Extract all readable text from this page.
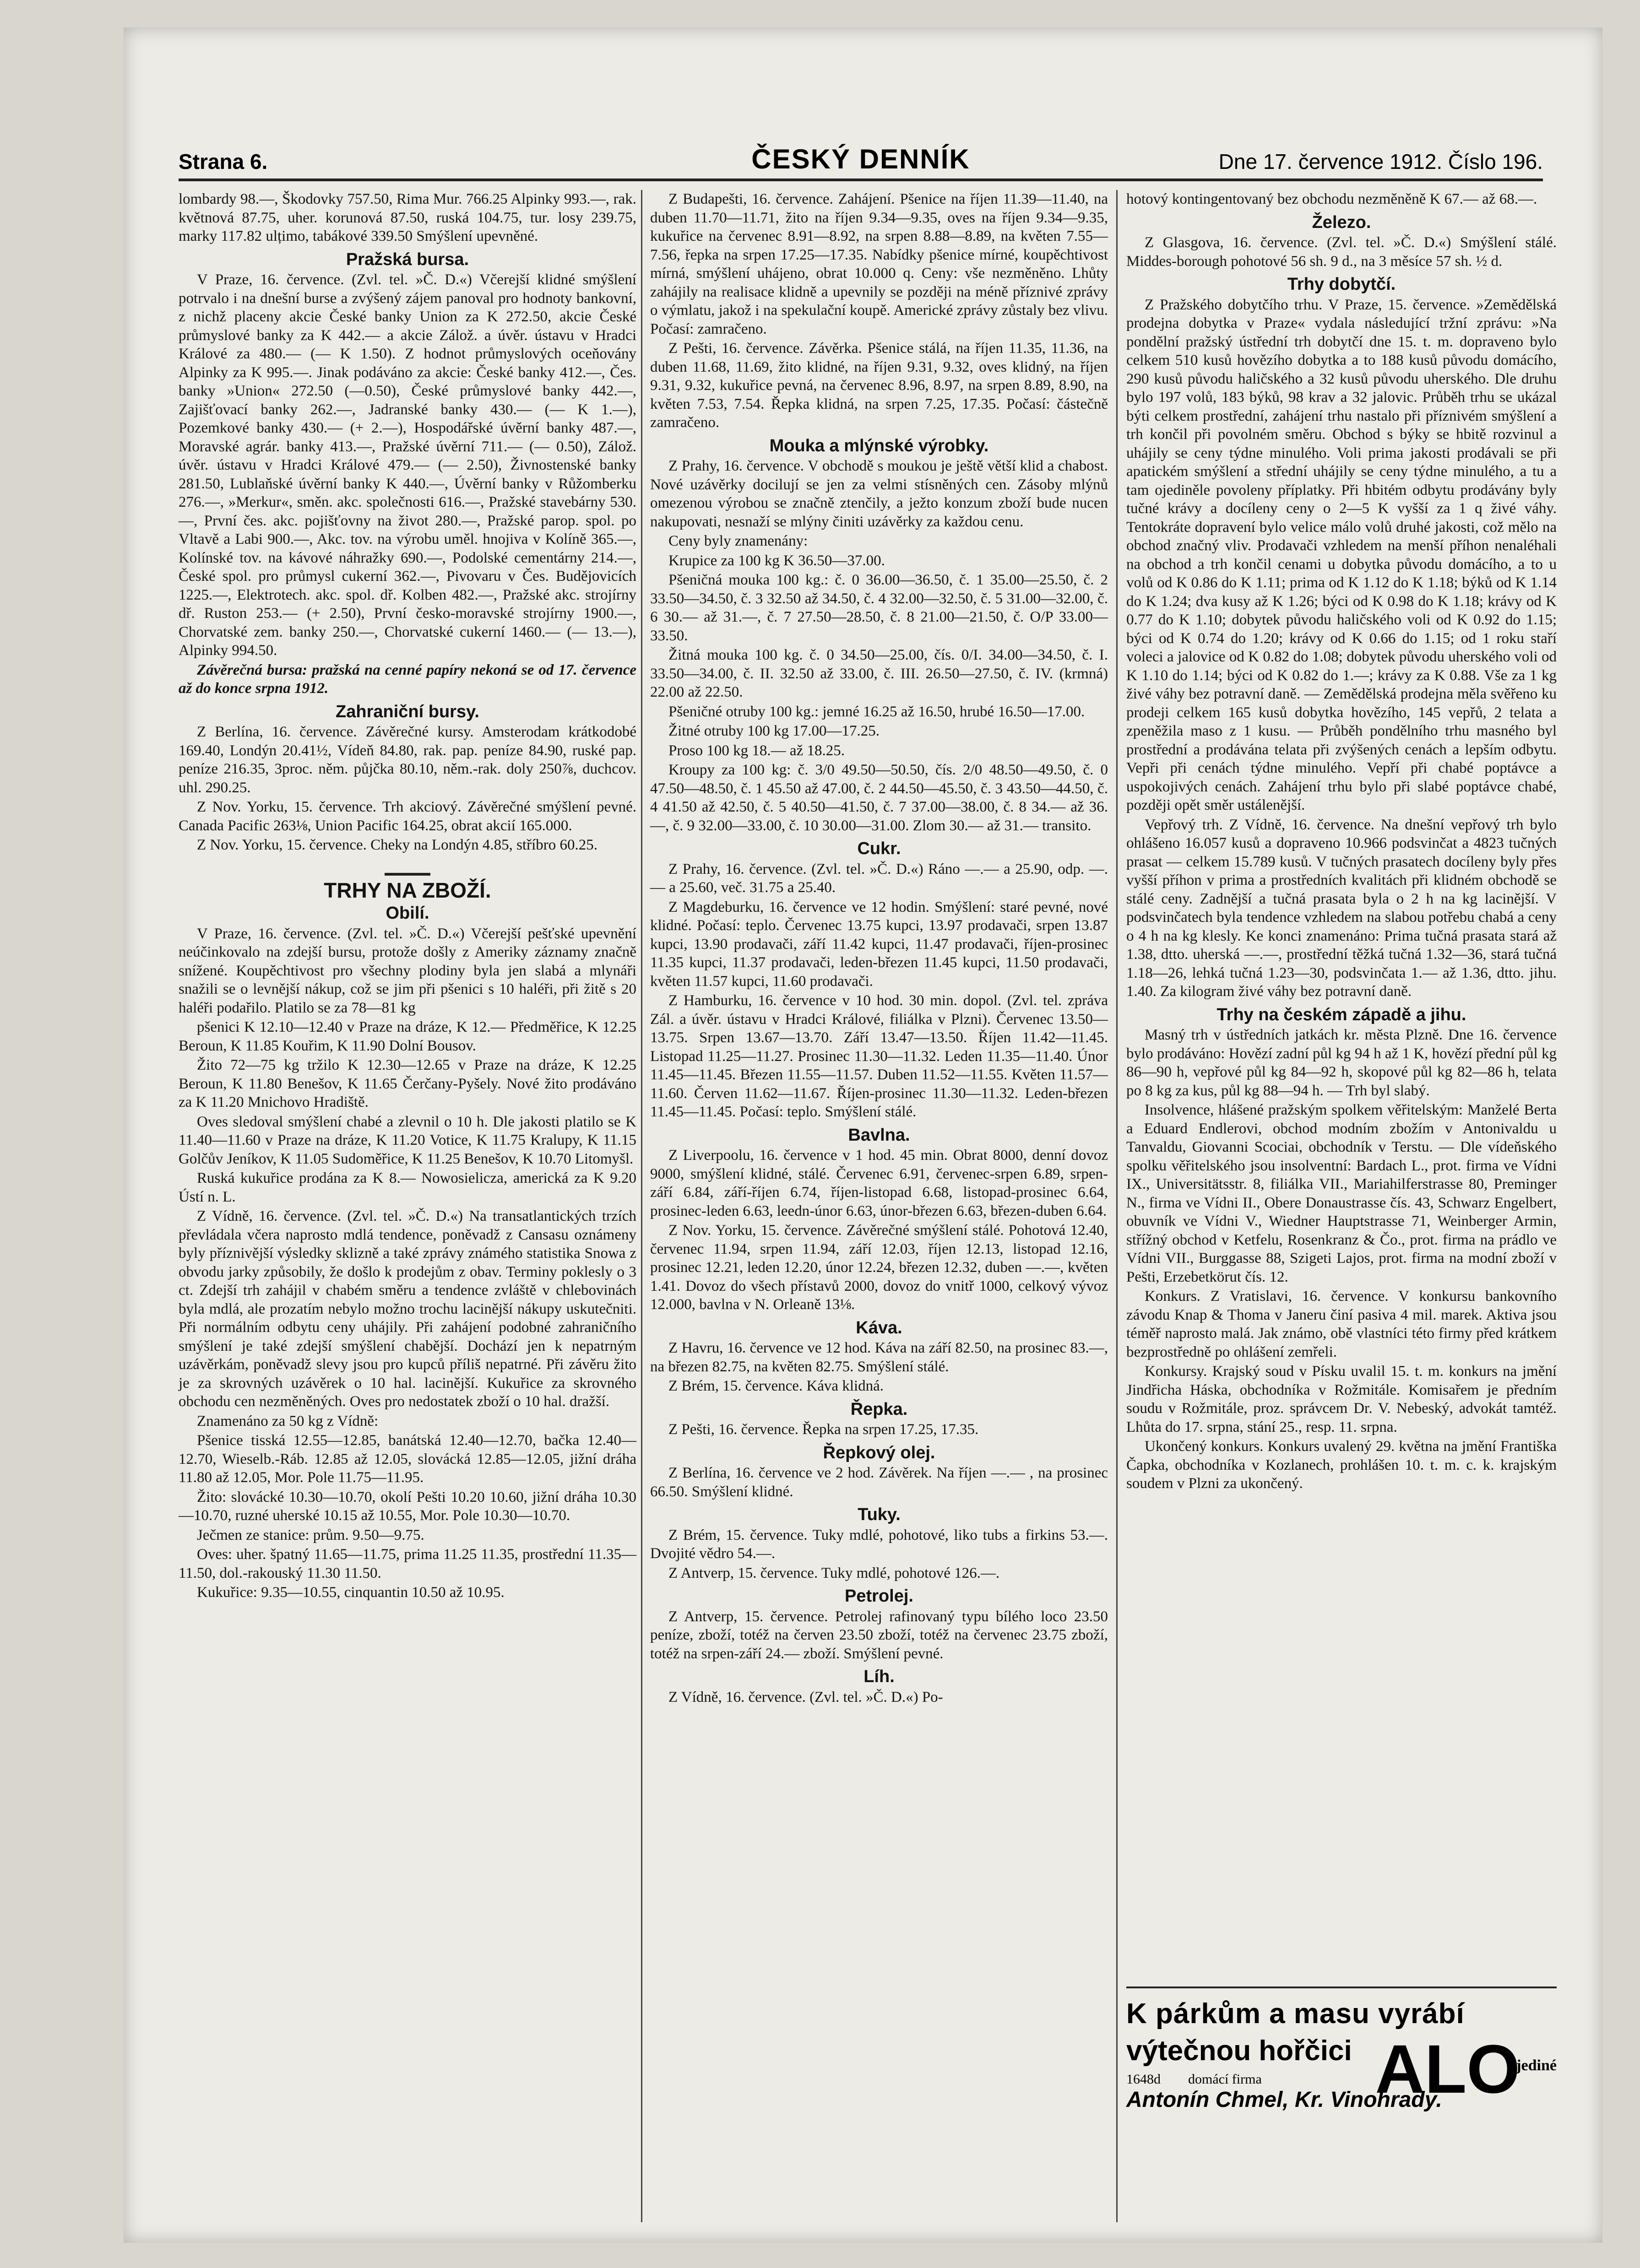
Strana 6.	ČESKÝ DENNÍK	Dne 17. července 1912. Číslo 196.

lombardy 98.—, Škodovky 757.50, Rima Mur. 766.25 Alpinky 993.—, rak. květnová 87.75, uher. korunová 87.50, ruská 104.75, tur. losy 239.75, marky 117.82 ulțimo, tabákové 339.50 Smýšlení upevněné.

Pražská bursa.

V Praze, 16. července. (Zvl. tel. »Č. D.«) Včerejší klidné smýšlení potrvalo i na dnešní burse a zvýšený zájem panoval pro hodnoty bankovní, z nichž placeny akcie České banky Union za K 272.50, akcie České průmyslové banky za K 442.— a akcie Zálož. a úvěr. ústavu v Hradci Králové za 480.— (— K 1.50). Z hodnot průmyslových oceňovány Alpinky za K 995.—. Jinak podáváno za akcie: České banky 412.—, Čes. banky »Union« 272.50 (—0.50), České průmyslové banky 442.—, Zajišťovací banky 262.—, Jadranské banky 430.— (— K 1.—), Pozemkové banky 430.— (+ 2.—), Hospodářské úvěrní banky 487.—, Moravské agrár. banky 413.—, Pražské úvěrní 711.— (— 0.50), Zálož. úvěr. ústavu v Hradci Králové 479.— (— 2.50), Živnostenské banky 281.50, Lublaňské úvěrní banky K 440.—, Úvěrní banky v Růžomberku 276.—, »Merkur«, směn. akc. společnosti 616.—, Pražské stavebárny 530.—, První čes. akc. pojišťovny na život 280.—, Pražské parop. spol. po Vltavě a Labi 900.—, Akc. tov. na výrobu uměl. hnojiva v Kolíně 365.—, Kolínské tov. na kávové náhražky 690.—, Podolské cementárny 214.—, České spol. pro průmysl cukerní 362.—, Pivovaru v Čes. Budějovicích 1225.—, Elektrotech. akc. spol. dř. Kolben 482.—, Pražské akc. strojírny dř. Ruston 253.— (+ 2.50), První česko-moravské strojírny 1900.—, Chorvatské zem. banky 250.—, Chorvatské cukerní 1460.— (— 13.—), Alpinky 994.50.

Závěrečná bursa: pražská na cenné papíry nekoná se od 17. července až do konce srpna 1912.

Zahraniční bursy.

Z Berlína, 16. července. Závěrečné kursy. Amsterodam krátkodobé 169.40, Londýn 20.41½, Vídeň 84.80, rak. pap. peníze 84.90, ruské pap. peníze 216.35, 3proc. něm. půjčka 80.10, něm.-rak. doly 250⅞, duchcov. uhl. 290.25.

Z Nov. Yorku, 15. července. Trh akciový. Závěrečné smýšlení pevné. Canada Pacific 263⅛, Union Pacific 164.25, obrat akcií 165.000.

Z Nov. Yorku, 15. července. Cheky na Londýn 4.85, stříbro 60.25.

TRHY NA ZBOŽÍ.
Obilí.

V Praze, 16. července. (Zvl. tel. »Č. D.«) Včerejší pešťské upevnění neúčinkovalo na zdejší bursu, protože došly z Ameriky záznamy značně snížené. Koupěchtivost pro všechny plodiny byla jen slabá a mlynáři snažili se o levnější nákup, což se jim při pšenici s 10 haléři, při žitě s 20 haléři podařilo. Platilo se za 78—81 kg

pšenici K 12.10—12.40 v Praze na dráze, K 12.— Předměřice, K 12.25 Beroun, K 11.85 Kouřim, K 11.90 Dolní Bousov.

Žito 72—75 kg tržilo K 12.30—12.65 v Praze na dráze, K 12.25 Beroun, K 11.80 Benešov, K 11.65 Čerčany-Pyšely. Nové žito prodáváno za K 11.20 Mnichovo Hradiště.

Oves sledoval smýšlení chabé a zlevnil o 10 h. Dle jakosti platilo se K 11.40—11.60 v Praze na dráze, K 11.20 Votice, K 11.75 Kralupy, K 11.15 Golčův Jeníkov, K 11.05 Sudoměřice, K 11.25 Benešov, K 10.70 Litomyšl.

Ruská kukuřice prodána za K 8.— Nowosielicza, americká za K 9.20 Ústí n. L.

Z Vídně, 16. července. (Zvl. tel. »Č. D.«) Na transatlantických trzích převládala včera naprosto mdlá tendence, poněvadž z Cansasu oznámeny byly příznivější výsledky sklizně a také zprávy známého statistika Snowa z obvodu jarky způsobily, že došlo k prodejům z obav. Terminy poklesly o 3 ct. Zdejší trh zahájil v chabém směru a tendence zvláště v chlebovinách byla mdlá, ale prozatím nebylo možno trochu lacinější nákupy uskutečniti. Při normálním odbytu ceny uhájily. Při zahájení podobné zahraničního smýšlení je také zdejší smýšlení chabější. Dochází jen k nepatrným uzávěrkám, poněvadž slevy jsou pro kupců příliš nepatrné. Při závěru žito je za skrovných uzávěrek o 10 hal. lacinější. Kukuřice za skrovného obchodu cen nezměněných. Oves pro nedostatek zboží o 10 hal. dražší.

Znamenáno za 50 kg z Vídně:

Pšenice tisská 12.55—12.85, banátská 12.40—12.70, bačka 12.40—12.70, Wieselb.-Ráb. 12.85 až 12.05, slovácká 12.85—12.05, jižní dráha 11.80 až 12.05, Mor. Pole 11.75—11.95.

Žito: slovácké 10.30—10.70, okolí Pešti 10.20 10.60, jižní dráha 10.30—10.70, ruzné uherské 10.15 až 10.55, Mor. Pole 10.30—10.70.

Ječmen ze stanice: prům. 9.50—9.75.

Oves: uher. špatný 11.65—11.75, prima 11.25 11.35, prostřední 11.35—11.50, dol.-rakouský 11.30 11.50.

Kukuřice: 9.35—10.55, cinquantin 10.50 až 10.95.

Z Budapešti, 16. července. Zahájení. Pšenice na říjen 11.39—11.40, na duben 11.70—11.71, žito na říjen 9.34—9.35, oves na říjen 9.34—9.35, kukuřice na červenec 8.91—8.92, na srpen 8.88—8.89, na květen 7.55—7.56, řepka na srpen 17.25—17.35. Nabídky pšenice mírné, koupěchtivost mírná, smýšlení uhájeno, obrat 10.000 q. Ceny: vše nezměněno. Lhůty zahájily na realisace klidně a upevnily se později na méně příznivé zprávy o výmlatu, jakož i na spekulační koupě. Americké zprávy zůstaly bez vlivu. Počasí: zamračeno.

Z Pešti, 16. července. Závěrka. Pšenice stálá, na říjen 11.35, 11.36, na duben 11.68, 11.69, žito klidné, na říjen 9.31, 9.32, oves klidný, na říjen 9.31, 9.32, kukuřice pevná, na červenec 8.96, 8.97, na srpen 8.89, 8.90, na květen 7.53, 7.54. Řepka klidná, na srpen 7.25, 17.35. Počasí: částečně zamračeno.

Mouka a mlýnské výrobky.

Z Prahy, 16. července. V obchodě s moukou je ještě větší klid a chabost. Nové uzávěrky docilují se jen za velmi stísněných cen. Zásoby mlýnů omezenou výrobou se značně ztenčily, a ježto konzum zboží bude nucen nakupovati, nesnaží se mlýny činiti uzávěrky za každou cenu.

Ceny byly znamenány:

Krupice za 100 kg K 36.50—37.00.

Pšeničná mouka 100 kg.: č. 0 36.00—36.50, č. 1 35.00—25.50, č. 2 33.50—34.50, č. 3 32.50 až 34.50, č. 4 32.00—32.50, č. 5 31.00—32.00, č. 6 30.— až 31.—, č. 7 27.50—28.50, č. 8 21.00—21.50, č. O/P 33.00—33.50.

Žitná mouka 100 kg. č. 0 34.50—25.00, čís. 0/I. 34.00—34.50, č. I. 33.50—34.00, č. II. 32.50 až 33.00, č. III. 26.50—27.50, č. IV. (krmná) 22.00 až 22.50.

Pšeničné otruby 100 kg.: jemné 16.25 až 16.50, hrubé 16.50—17.00.

Žitné otruby 100 kg 17.00—17.25.

Proso 100 kg 18.— až 18.25.

Kroupy za 100 kg: č. 3/0 49.50—50.50, čís. 2/0 48.50—49.50, č. 0 47.50—48.50, č. 1 45.50 až 47.00, č. 2 44.50—45.50, č. 3 43.50—44.50, č. 4 41.50 až 42.50, č. 5 40.50—41.50, č. 7 37.00—38.00, č. 8 34.— až 36.—, č. 9 32.00—33.00, č. 10 30.00—31.00. Zlom 30.— až 31.— transito.

Cukr.

Z Prahy, 16. července. (Zvl. tel. »Č. D.«) Ráno —.— a 25.90, odp. —.— a 25.60, več. 31.75 a 25.40.

Z Magdeburku, 16. července ve 12 hodin. Smýšlení: staré pevné, nové klidné. Počasí: teplo. Červenec 13.75 kupci, 13.97 prodavači, srpen 13.87 kupci, 13.90 prodavači, září 11.42 kupci, 11.47 prodavači, říjen-prosinec 11.35 kupci, 11.37 prodavači, leden-březen 11.45 kupci, 11.50 prodavači, květen 11.57 kupci, 11.60 prodavači.

Z Hamburku, 16. července v 10 hod. 30 min. dopol. (Zvl. tel. zpráva Zál. a úvěr. ústavu v Hradci Králové, filiálka v Plzni). Červenec 13.50—13.75. Srpen 13.67—13.70. Září 13.47—13.50. Říjen 11.42—11.45. Listopad 11.25—11.27. Prosinec 11.30—11.32. Leden 11.35—11.40. Únor 11.45—11.45. Březen 11.55—11.57. Duben 11.52—11.55. Květen 11.57—11.60. Červen 11.62—11.67. Říjen-prosinec 11.30—11.32. Leden-březen 11.45—11.45. Počasí: teplo. Smýšlení stálé.

Bavlna.

Z Liverpoolu, 16. července v 1 hod. 45 min. Obrat 8000, denní dovoz 9000, smýšlení klidné, stálé. Červenec 6.91, červenec-srpen 6.89, srpen-září 6.84, září-říjen 6.74, říjen-listopad 6.68, listopad-prosinec 6.64, prosinec-leden 6.63, leedn-únor 6.63, únor-březen 6.63, březen-duben 6.64.

Z Nov. Yorku, 15. července. Závěrečné smýšlení stálé. Pohotová 12.40, červenec 11.94, srpen 11.94, září 12.03, říjen 12.13, listopad 12.16, prosinec 12.21, leden 12.20, únor 12.24, březen 12.32, duben —.—, květen 1.41. Dovoz do všech přístavů 2000, dovoz do vnitř 1000, celkový vývoz 12.000, bavlna v N. Orleaně 13⅛.

Káva.

Z Havru, 16. července ve 12 hod. Káva na září 82.50, na prosinec 83.—, na březen 82.75, na květen 82.75. Smýšlení stálé.

Z Brém, 15. července. Káva klidná.

Řepka.

Z Pešti, 16. července. Řepka na srpen 17.25, 17.35.

Řepkový olej.

Z Berlína, 16. července ve 2 hod. Závěrek. Na říjen —.— , na prosinec 66.50. Smýšlení klidné.

Tuky.

Z Brém, 15. července. Tuky mdlé, pohotové, liko tubs a firkins 53.—. Dvojité vědro 54.—.

Z Antverp, 15. července. Tuky mdlé, pohotové 126.—.

Petrolej.

Z Antverp, 15. července. Petrolej rafinovaný typu bílého loco 23.50 peníze, zboží, totéž na červen 23.50 zboží, totéž na červenec 23.75 zboží, totéž na srpen-září 24.— zboží. Smýšlení pevné.

Líh.

Z Vídně, 16. července. (Zvl. tel. »Č. D.«) Po-

hotový kontingentovaný bez obchodu nezměněně K 67.— až 68.—.

Železo.

Z Glasgova, 16. července. (Zvl. tel. »Č. D.«) Smýšlení stálé. Middes-borough pohotové 56 sh. 9 d., na 3 měsíce 57 sh. ½ d.

Trhy dobytčí.

Z Pražského dobytčího trhu. V Praze, 15. července. »Zemědělská prodejna dobytka v Praze« vydala následující tržní zprávu: »Na pondělní pražský ústřední trh dobytčí dne 15. t. m. dopraveno bylo celkem 510 kusů hovězího dobytka a to 188 kusů původu domácího, 290 kusů původu haličského a 32 kusů původu uherského. Dle druhu bylo 197 volů, 183 býků, 98 krav a 32 jalovic. Průběh trhu se ukázal býti celkem prostřední, zahájení trhu nastalo při příznivém smýšlení a trh končil při povolném směru. Obchod s býky se hbitě rozvinul a uhájily se ceny týdne minulého. Voli prima jakosti prodávali se při apatickém smýšlení a střední uhájily se ceny týdne minulého, a tu a tam ojediněle povoleny příplatky. Při hbitém odbytu prodávány byly tučné krávy a docíleny ceny o 2—5 K vyšší za 1 q živé váhy. Tentokráte dopravení bylo velice málo volů druhé jakosti, což mělo na obchod značný vliv. Prodavači vzhledem na menší příhon nenaléhali na obchod a trh končil cenami u dobytka původu domácího, a to u volů od K 0.86 do K 1.11; prima od K 1.12 do K 1.18; býků od K 1.14 do K 1.24; dva kusy až K 1.26; býci od K 0.98 do K 1.18; krávy od K 0.77 do K 1.10; dobytek původu haličského voli od K 0.92 do 1.15; býci od K 0.74 do 1.20; krávy od K 0.66 do 1.15; od 1 roku staří voleci a jalovice od K 0.82 do 1.08; dobytek původu uherského voli od K 1.10 do 1.14; býci od K 0.82 do 1.—; krávy za K 0.88. Vše za 1 kg živé váhy bez potravní daně. — Zemědělská prodejna měla svěřeno ku prodeji celkem 165 kusů dobytka hovězího, 145 vepřů, 2 telata a zpeněžila maso z 1 kusu. — Průběh pondělního trhu masného byl prostřední a prodávána telata při zvýšených cenách a lepším odbytu. Vepři při cenách týdne minulého. Vepří při chabé poptávce a uspokojivých cenách. Zahájení trhu bylo při slabé poptávce chabé, později opět směr ustálenější.

Vepřový trh. Z Vídně, 16. července. Na dnešní vepřový trh bylo ohlášeno 16.057 kusů a dopraveno 10.966 podsvinčat a 4823 tučných prasat — celkem 15.789 kusů. V tučných prasatech docíleny byly přes vyšší příhon v prima a prostředních kvalitách při klidném obchodě se stálé ceny. Zadnější a tučná prasata byla o 2 h na kg lacinější. V podsvinčatech byla tendence vzhledem na slabou potřebu chabá a ceny o 4 h na kg klesly. Ke konci znamenáno: Prima tučná prasata stará až 1.38, dtto. uherská —.—, prostřední těžká tučná 1.32—36, stará tučná 1.18—26, lehká tučná 1.23—30, podsvinčata 1.— až 1.36, dtto. jihu. 1.40. Za kilogram živé váhy bez potravní daně.

Trhy na českém západě a jihu.

Masný trh v ústředních jatkách kr. města Plzně. Dne 16. července bylo prodáváno: Hovězí zadní půl kg 94 h až 1 K, hovězí přední půl kg 86—90 h, vepřové půl kg 84—92 h, skopové půl kg 82—86 h, telata po 8 kg za kus, půl kg 88—94 h. — Trh byl slabý.

Insolvence, hlášené pražským spolkem věřitelským: Manželé Berta a Eduard Endlerovi, obchod modním zbožím v Antonivaldu u Tanvaldu, Giovanni Scociai, obchodník v Terstu. — Dle vídeňského spolku věřitelského jsou insolventní: Bardach L., prot. firma ve Vídni IX., Universitätsstr. 8, filiálka VII., Mariahilferstrasse 80, Preminger N., firma ve Vídni II., Obere Donaustrasse čís. 43, Schwarz Engelbert, obuvník ve Vídni V., Wiedner Hauptstrasse 71, Weinberger Armin, střížný obchod v Ketfelu, Rosenkranz & Čo., prot. firma na prádlo ve Vídni VII., Burggasse 88, Szigeti Lajos, prot. firma na modní zboží v Pešti, Erzebetkörut čís. 12.

Konkurs. Z Vratislavi, 16. července. V konkursu bankovního závodu Knap & Thoma v Janeru činí pasiva 4 mil. marek. Aktiva jsou téměř naprosto malá. Jak známo, obě vlastníci této firmy před krátkem bezprostředně po ohlášení zemřeli.

Konkursy. Krajský soud v Písku uvalil 15. t. m. konkurs na jmění Jindřicha Háska, obchodníka v Rožmitále. Komisařem je předním soudu v Rožmitále, proz. správcem Dr. V. Nebeský, advokát tamtéž. Lhůta do 17. srpna, stání 25., resp. 11. srpna.

Ukončený konkurs. Konkurs uvalený 29. května na jmění Františka Čapka, obchodníka v Kozlanech, prohlášen 10. t. m. c. k. krajským soudem v Plzni za ukončený.

K párkům a masu vyrábí
výtečnou hořčici ALO
jediné
1648d domácí firma
Antonín Chmel, Kr. Vinohrady.
